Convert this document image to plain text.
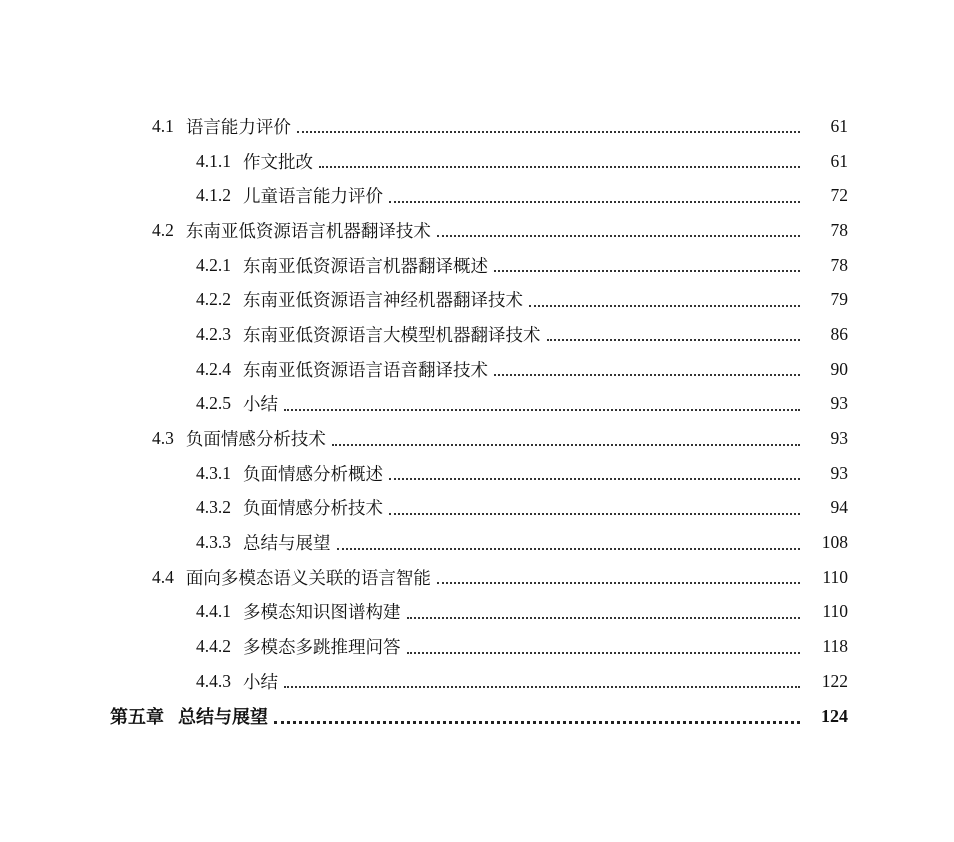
4.1 语言能力评价	61
4.1.1 作文批改	61
4.1.2 儿童语言能力评价	72
4.2 东南亚低资源语言机器翻译技术	78
4.2.1 东南亚低资源语言机器翻译概述	78
4.2.2 东南亚低资源语言神经机器翻译技术	79
4.2.3 东南亚低资源语言大模型机器翻译技术	86
4.2.4 东南亚低资源语言语音翻译技术	90
4.2.5 小结	93
4.3 负面情感分析技术	93
4.3.1 负面情感分析概述	93
4.3.2 负面情感分析技术	94
4.3.3 总结与展望	108
4.4 面向多模态语义关联的语言智能	110
4.4.1 多模态知识图谱构建	110
4.4.2 多模态多跳推理问答	118
4.4.3 小结	122
第五章 总结与展望	124
